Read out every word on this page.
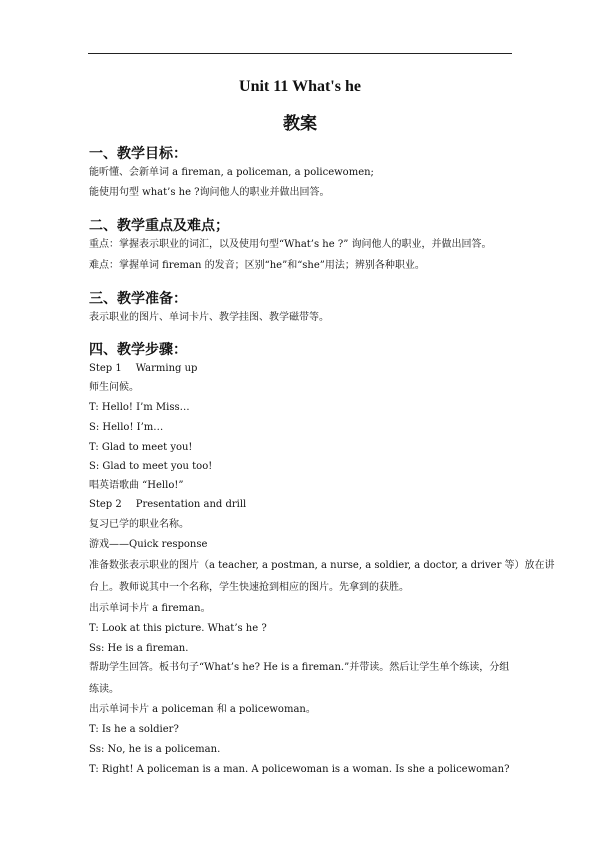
Unit 11 What's he
教案
一、教学目标：
能听懂、会新单词 a fireman, a policeman, a policewomen;
能使用句型 what’s he ?询问他人的职业并做出回答。
二、教学重点及难点；
重点：掌握表示职业的词汇，以及使用句型“What’s he ?” 询问他人的职业，并做出回答。
难点：掌握单词 fireman 的发音；区别“he”和“she”用法；辨别各种职业。
三、教学准备：
表示职业的图片、单词卡片、教学挂图、教学磁带等。
四、教学步骤：
Step 1 Warming up
师生问候。
T: Hello! I’m Miss…
S: Hello! I’m…
T: Glad to meet you!
S: Glad to meet you too!
唱英语歌曲 “Hello!”
Step 2 Presentation and drill
复习已学的职业名称。
游戏——Quick response
准备数张表示职业的图片（a teacher, a postman, a nurse, a soldier, a doctor, a driver 等）放在讲
台上。教师说其中一个名称，学生快速抢到相应的图片。先拿到的获胜。
出示单词卡片 a fireman。
T: Look at this picture. What’s he ?
Ss: He is a fireman.
帮助学生回答。板书句子“What’s he? He is a fireman.”并带读。然后让学生单个练读，分组
练读。
出示单词卡片 a policeman 和 a policewoman。
T: Is he a soldier?
Ss: No, he is a policeman.
T: Right! A policeman is a man. A policewoman is a woman. Is she a policewoman?
